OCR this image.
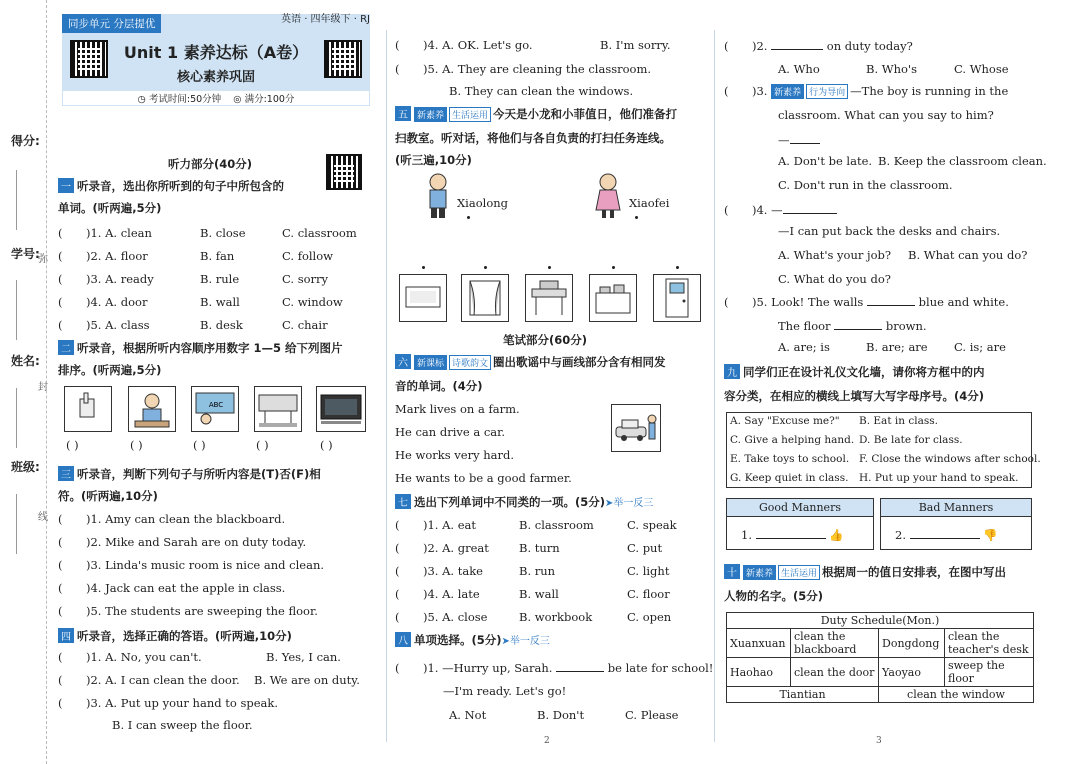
得分:
学号:
姓名:
班级:
弥
封
线
同步单元 分层提优	英语 · 四年级下 · RJ
Unit 1 素养达标（A卷）
核心素养巩固
◷ 考试时间:50分钟 ◎ 满分:100分
听力部分(40分)
一 听录音，选出你所听到的句子中所包含的
单词。(听两遍,5分)
( )1. A. clean	B. close	C. classroom
( )2. A. floor	B. fan	C. follow
( )3. A. ready	B. rule	C. sorry
( )4. A. door	B. wall	C. window
( )5. A. class	B. desk	C. chair
二 听录音，根据所听内容顺序用数字 1—5 给下列图片
排序。(听两遍,5分)
ABC
( )	( )	( )	( )	( )
三 听录音，判断下列句子与所听内容是(T)否(F)相
符。(听两遍,10分)
( )1. Amy can clean the blackboard.
( )2. Mike and Sarah are on duty today.
( )3. Linda's music room is nice and clean.
( )4. Jack can eat the apple in class.
( )5. The students are sweeping the floor.
四 听录音，选择正确的答语。(听两遍,10分)
( )1. A. No, you can't.	B. Yes, I can.
( )2. A. I can clean the door. B. We are on duty.
( )3. A. Put up your hand to speak.
B. I can sweep the floor.
( )4. A. OK. Let's go.	B. I'm sorry.
( )5. A. They are cleaning the classroom.
B. They can clean the windows.
五 新素养 生活运用 今天是小龙和小菲值日，他们准备打
扫教室。听对话，将他们与各自负责的打扫任务连线。
(听三遍,10分)
Xiaolong	Xiaofei
笔试部分(60分)
六 新课标 诗歌韵文 圈出歌谣中与画线部分含有相同发
音的单词。(4分)
Mark lives on a farm.
He can drive a car.
He works very hard.
He wants to be a good farmer.
七 选出下列单词中不同类的一项。(5分)➤举一反三
( )1. A. eat	B. classroom	C. speak
( )2. A. great	B. turn	C. put
( )3. A. take	B. run	C. light
( )4. A. late	B. wall	C. floor
( )5. A. close	B. workbook	C. open
八 单项选择。(5分)➤举一反三
( )1. —Hurry up, Sarah.	be late for school!
—I'm ready. Let's go!
A. Not	B. Don't	C. Please
( )2.	on duty today?
A. Who	B. Who's	C. Whose
( )3. 新素养 行为导向 —The boy is running in the
classroom. What can you say to him?
—
A. Don't be late. B. Keep the classroom clean.
C. Don't run in the classroom.
( )4. —
—I can put back the desks and chairs.
A. What's your job? B. What can you do?
C. What do you do?
( )5. Look! The walls	blue and white.
The floor	brown.
A. are; is	B. are; are C. is; are
九 同学们正在设计礼仪文化墙，请你将方框中的内
容分类，在相应的横线上填写大写字母序号。(4分)
A. Say "Excuse me?" B. Eat in class.
C. Give a helping hand. D. Be late for class.
E. Take toys to school. F. Close the windows after school.
G. Keep quiet in class. H. Put up your hand to speak.
Good Manners
1.	👍
Bad Manners
2.	👎
十 新素养 生活运用 根据周一的值日安排表，在图中写出
人物的名字。(5分)
Duty Schedule(Mon.)			
Xuanxuan	clean the blackboard	Dongdong	clean the teacher's desk
Haohao	clean the door	Yaoyao	sweep the floor
Tiantian		clean the window	
2	3
